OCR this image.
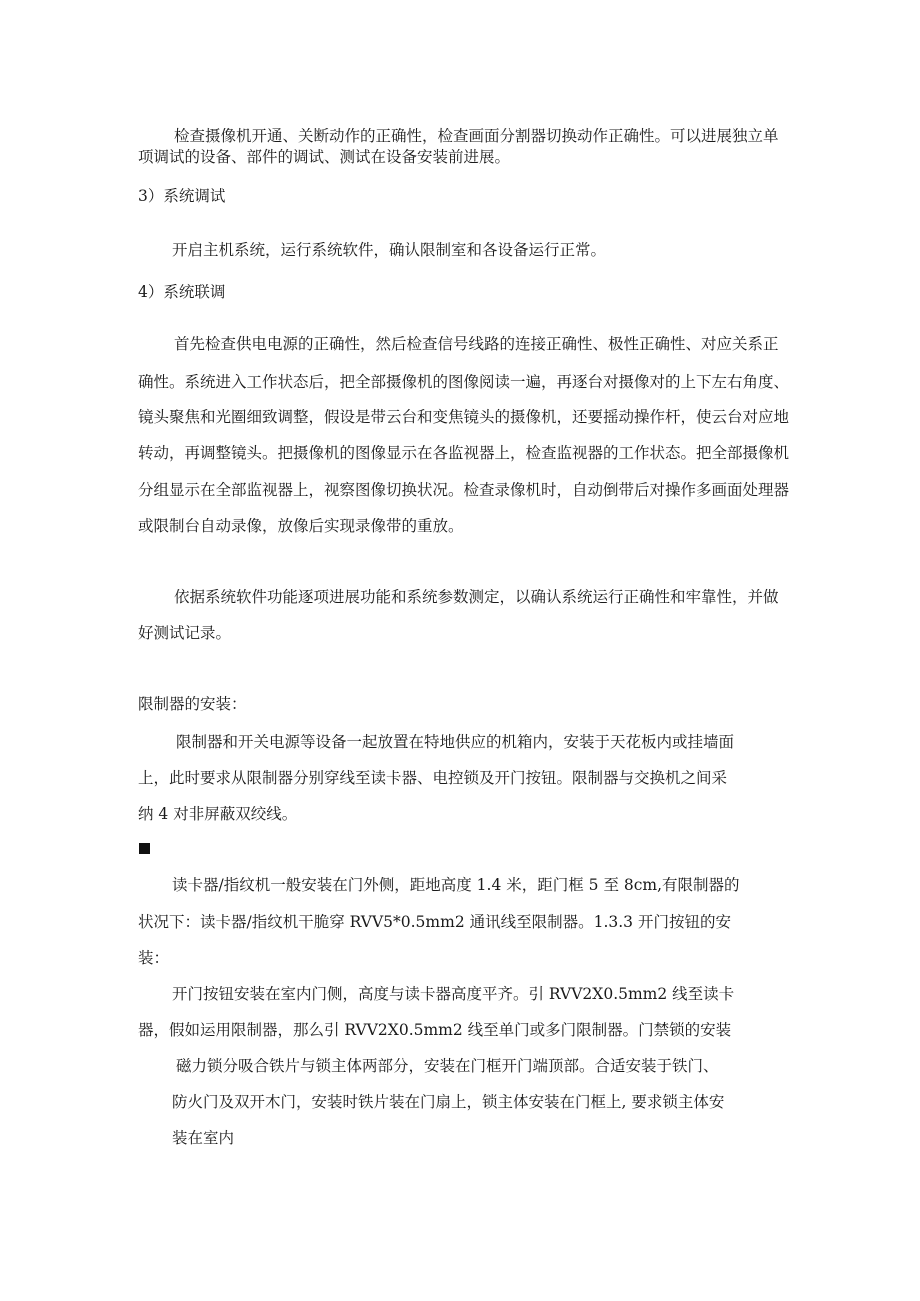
检查摄像机开通、关断动作的正确性，检查画面分割器切换动作正确性。可以进展独立单

项调试的设备、部件的调试、测试在设备安装前进展。

3）系统调试

开启主机系统，运行系统软件，确认限制室和各设备运行正常。

4）系统联调

首先检查供电电源的正确性，然后检查信号线路的连接正确性、极性正确性、对应关系正

确性。系统进入工作状态后，把全部摄像机的图像阅读一遍，再逐台对摄像对的上下左右角度、

镜头聚焦和光圈细致调整，假设是带云台和变焦镜头的摄像机，还要摇动操作杆，使云台对应地

转动，再调整镜头。把摄像机的图像显示在各监视器上，检查监视器的工作状态。把全部摄像机

分组显示在全部监视器上，视察图像切换状况。检查录像机时，自动倒带后对操作多画面处理器

或限制台自动录像，放像后实现录像带的重放。

依据系统软件功能逐项进展功能和系统参数测定，以确认系统运行正确性和牢靠性，并做

好测试记录。

限制器的安装：

限制器和开关电源等设备一起放置在特地供应的机箱内，安装于天花板内或挂墙面

上，此时要求从限制器分别穿线至读卡器、电控锁及开门按钮。限制器与交换机之间采

纳 4 对非屏蔽双绞线。

读卡器/指纹机一般安装在门外侧，距地高度 1.4 米，距门框 5 至 8cm,有限制器的

状况下：读卡器/指纹机干脆穿 RVV5*0.5mm2 通讯线至限制器。1.3.3 开门按钮的安

装：

开门按钮安装在室内门侧，高度与读卡器高度平齐。引 RVV2X0.5mm2 线至读卡

器，假如运用限制器，那么引 RVV2X0.5mm2 线至单门或多门限制器。门禁锁的安装

磁力锁分吸合铁片与锁主体两部分，安装在门框开门端顶部。合适安装于铁门、

防火门及双开木门，安装时铁片装在门扇上，锁主体安装在门框上, 要求锁主体安

装在室内
